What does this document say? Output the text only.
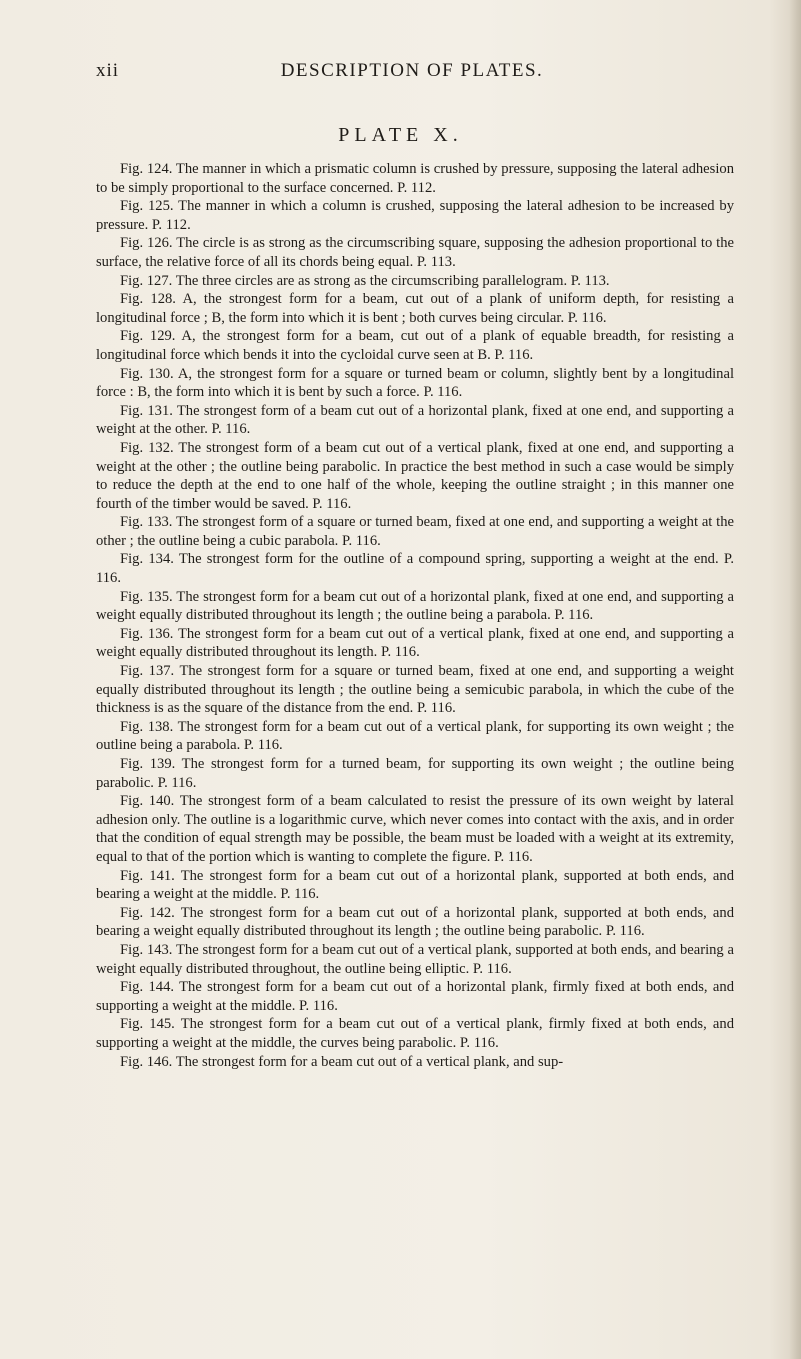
xii	DESCRIPTION OF PLATES.
PLATE X.

Fig. 124. The manner in which a prismatic column is crushed by pressure, supposing the lateral adhesion to be simply proportional to the surface concerned. P. 112.

Fig. 125. The manner in which a column is crushed, supposing the lateral adhesion to be increased by pressure. P. 112.

Fig. 126. The circle is as strong as the circumscribing square, supposing the adhesion proportional to the surface, the relative force of all its chords being equal. P. 113.

Fig. 127. The three circles are as strong as the circumscribing parallelogram. P. 113.

Fig. 128. A, the strongest form for a beam, cut out of a plank of uniform depth, for resisting a longitudinal force ; B, the form into which it is bent ; both curves being circular. P. 116.

Fig. 129. A, the strongest form for a beam, cut out of a plank of equable breadth, for resisting a longitudinal force which bends it into the cycloidal curve seen at B. P. 116.

Fig. 130. A, the strongest form for a square or turned beam or column, slightly bent by a longitudinal force : B, the form into which it is bent by such a force. P. 116.

Fig. 131. The strongest form of a beam cut out of a horizontal plank, fixed at one end, and supporting a weight at the other. P. 116.

Fig. 132. The strongest form of a beam cut out of a vertical plank, fixed at one end, and supporting a weight at the other ; the outline being parabolic. In practice the best method in such a case would be simply to reduce the depth at the end to one half of the whole, keeping the outline straight ; in this manner one fourth of the timber would be saved. P. 116.

Fig. 133. The strongest form of a square or turned beam, fixed at one end, and supporting a weight at the other ; the outline being a cubic parabola. P. 116.

Fig. 134. The strongest form for the outline of a compound spring, supporting a weight at the end. P. 116.

Fig. 135. The strongest form for a beam cut out of a horizontal plank, fixed at one end, and supporting a weight equally distributed throughout its length ; the outline being a parabola. P. 116.

Fig. 136. The strongest form for a beam cut out of a vertical plank, fixed at one end, and supporting a weight equally distributed throughout its length. P. 116.

Fig. 137. The strongest form for a square or turned beam, fixed at one end, and supporting a weight equally distributed throughout its length ; the outline being a semicubic parabola, in which the cube of the thickness is as the square of the distance from the end. P. 116.

Fig. 138. The strongest form for a beam cut out of a vertical plank, for supporting its own weight ; the outline being a parabola. P. 116.

Fig. 139. The strongest form for a turned beam, for supporting its own weight ; the outline being parabolic. P. 116.

Fig. 140. The strongest form of a beam calculated to resist the pressure of its own weight by lateral adhesion only. The outline is a logarithmic curve, which never comes into contact with the axis, and in order that the condition of equal strength may be possible, the beam must be loaded with a weight at its extremity, equal to that of the portion which is wanting to complete the figure. P. 116.

Fig. 141. The strongest form for a beam cut out of a horizontal plank, supported at both ends, and bearing a weight at the middle. P. 116.

Fig. 142. The strongest form for a beam cut out of a horizontal plank, supported at both ends, and bearing a weight equally distributed throughout its length ; the outline being parabolic. P. 116.

Fig. 143. The strongest form for a beam cut out of a vertical plank, supported at both ends, and bearing a weight equally distributed throughout, the outline being elliptic. P. 116.

Fig. 144. The strongest form for a beam cut out of a horizontal plank, firmly fixed at both ends, and supporting a weight at the middle. P. 116.

Fig. 145. The strongest form for a beam cut out of a vertical plank, firmly fixed at both ends, and supporting a weight at the middle, the curves being parabolic. P. 116.

Fig. 146. The strongest form for a beam cut out of a vertical plank, and sup-
